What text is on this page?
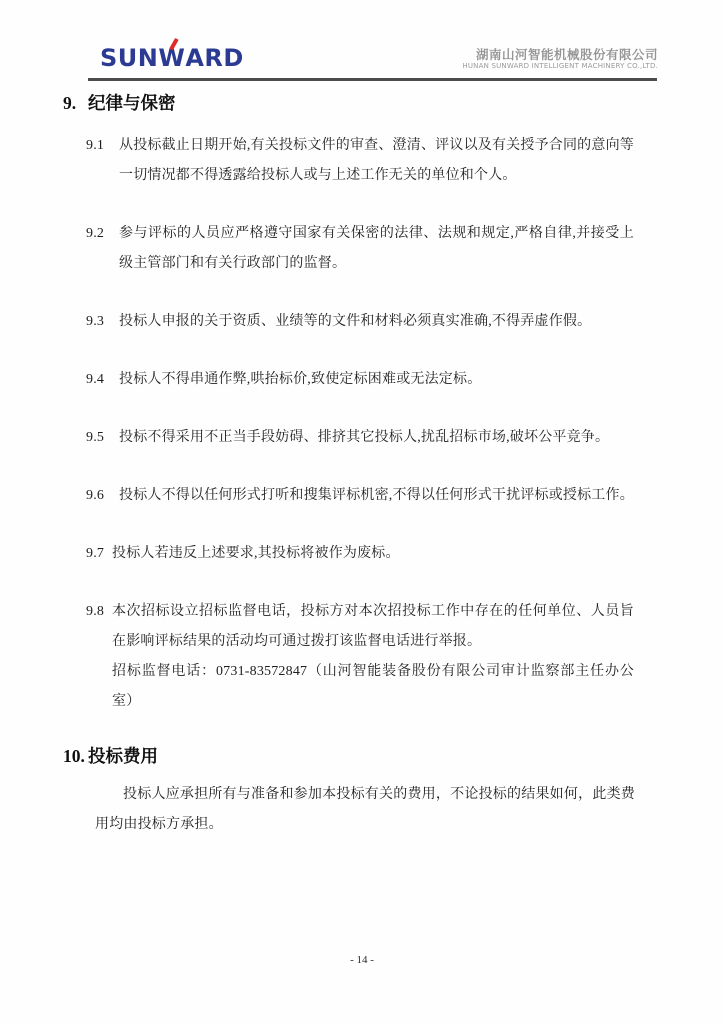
SUNW
ARD	湖南山河智能机械股份有限公司
HUNAN SUNWARD INTELLIGENT MACHINERY CO.,LTD.
9. 纪律与保密
9.1 从投标截止日期开始,有关投标文件的审查、澄清、评议以及有关授予合同的意向等一切情况都不得透露给投标人或与上述工作无关的单位和个人。
9.2 参与评标的人员应严格遵守国家有关保密的法律、法规和规定,严格自律,并接受上级主管部门和有关行政部门的监督。
9.3 投标人申报的关于资质、业绩等的文件和材料必须真实准确,不得弄虚作假。
9.4 投标人不得串通作弊,哄抬标价,致使定标困难或无法定标。
9.5 投标不得采用不正当手段妨碍、排挤其它投标人,扰乱招标市场,破坏公平竞争。
9.6 投标人不得以任何形式打听和搜集评标机密,不得以任何形式干扰评标或授标工作。
9.7 投标人若违反上述要求,其投标将被作为废标。
9.8 本次招标设立招标监督电话，投标方对本次招投标工作中存在的任何单位、人员旨在影响评标结果的活动均可通过拨打该监督电话进行举报。
招标监督电话：0731-83572847（山河智能装备股份有限公司审计监察部主任办公室）
10. 投标费用
投标人应承担所有与准备和参加本投标有关的费用，不论投标的结果如何，此类费用均由投标方承担。
- 14 -
